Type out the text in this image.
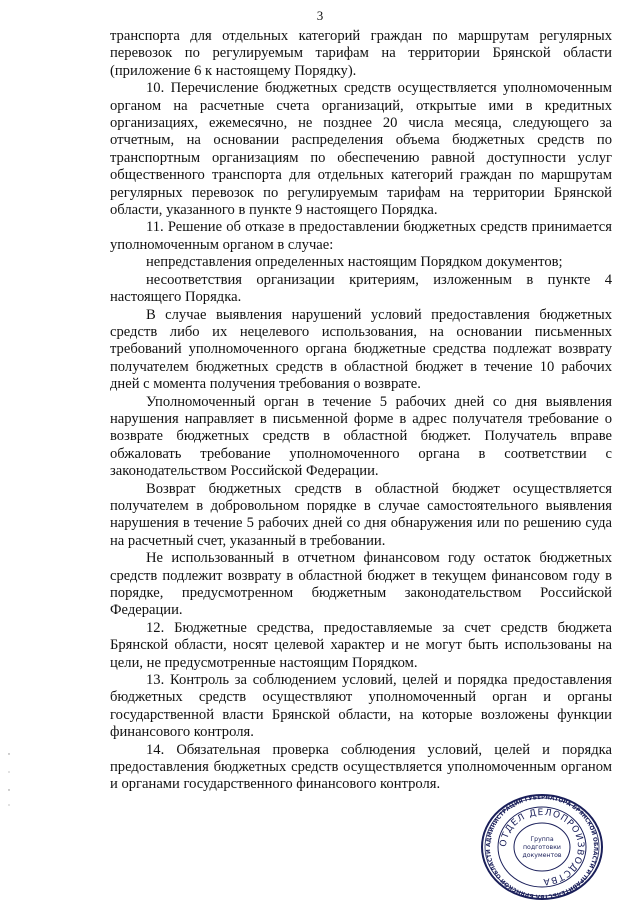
3

транспорта для отдельных категорий граждан по маршрутам регулярных перевозок по регулируемым тарифам на территории Брянской области (приложение 6 к настоящему Порядку).

10. Перечисление бюджетных средств осуществляется уполномоченным органом на расчетные счета организаций, открытые ими в кредитных организациях, ежемесячно, не позднее 20 числа месяца, следующего за отчетным, на основании распределения объема бюджетных средств по транспортным организациям по обеспечению равной доступности услуг общественного транспорта для отдельных категорий граждан по маршрутам регулярных перевозок по регулируемым тарифам на территории Брянской области, указанного в пункте 9 настоящего Порядка.

11. Решение об отказе в предоставлении бюджетных средств принимается уполномоченным органом в случае:

непредставления определенных настоящим Порядком документов;

несоответствия организации критериям, изложенным в пункте 4 настоящего Порядка.

В случае выявления нарушений условий предоставления бюджетных средств либо их нецелевого использования, на основании письменных требований уполномоченного органа бюджетные средства подлежат возврату получателем бюджетных средств в областной бюджет в течение 10 рабочих дней с момента получения требования о возврате.

Уполномоченный орган в течение 5 рабочих дней со дня выявления нарушения направляет в письменной форме в адрес получателя требование о возврате бюджетных средств в областной бюджет. Получатель вправе обжаловать требование уполномоченного органа в соответствии с законодательством Российской Федерации.

Возврат бюджетных средств в областной бюджет осуществляется получателем в добровольном порядке в случае самостоятельного выявления нарушения в течение 5 рабочих дней со дня обнаружения или по решению суда на расчетный счет, указанный в требовании.

Не использованный в отчетном финансовом году остаток бюджетных средств подлежит возврату в областной бюджет в текущем финансовом году в порядке, предусмотренном бюджетным законодательством Российской Федерации.

12. Бюджетные средства, предоставляемые за счет средств бюджета Брянской области, носят целевой характер и не могут быть использованы на цели, не предусмотренные настоящим Порядком.

13. Контроль за соблюдением условий, целей и порядка предоставления бюджетных средств осуществляют уполномоченный орган и органы государственной власти Брянской области, на которые возложены функции финансового контроля.

14. Обязательная проверка соблюдения условий, целей и порядка предоставления бюджетных средств осуществляется уполномоченным органом и органами государственного финансового контроля.

АДМИНИСТРАЦИЯ ГУБЕРНАТОРА БРЯНСКОЙ ОБЛАСТИ И ПРАВИТЕЛЬСТВА БРЯНСКОЙ ОБЛАСТИ
ОТДЕЛ ДЕЛОПРОИЗВОДСТВА
Группа
подготовки
документов
